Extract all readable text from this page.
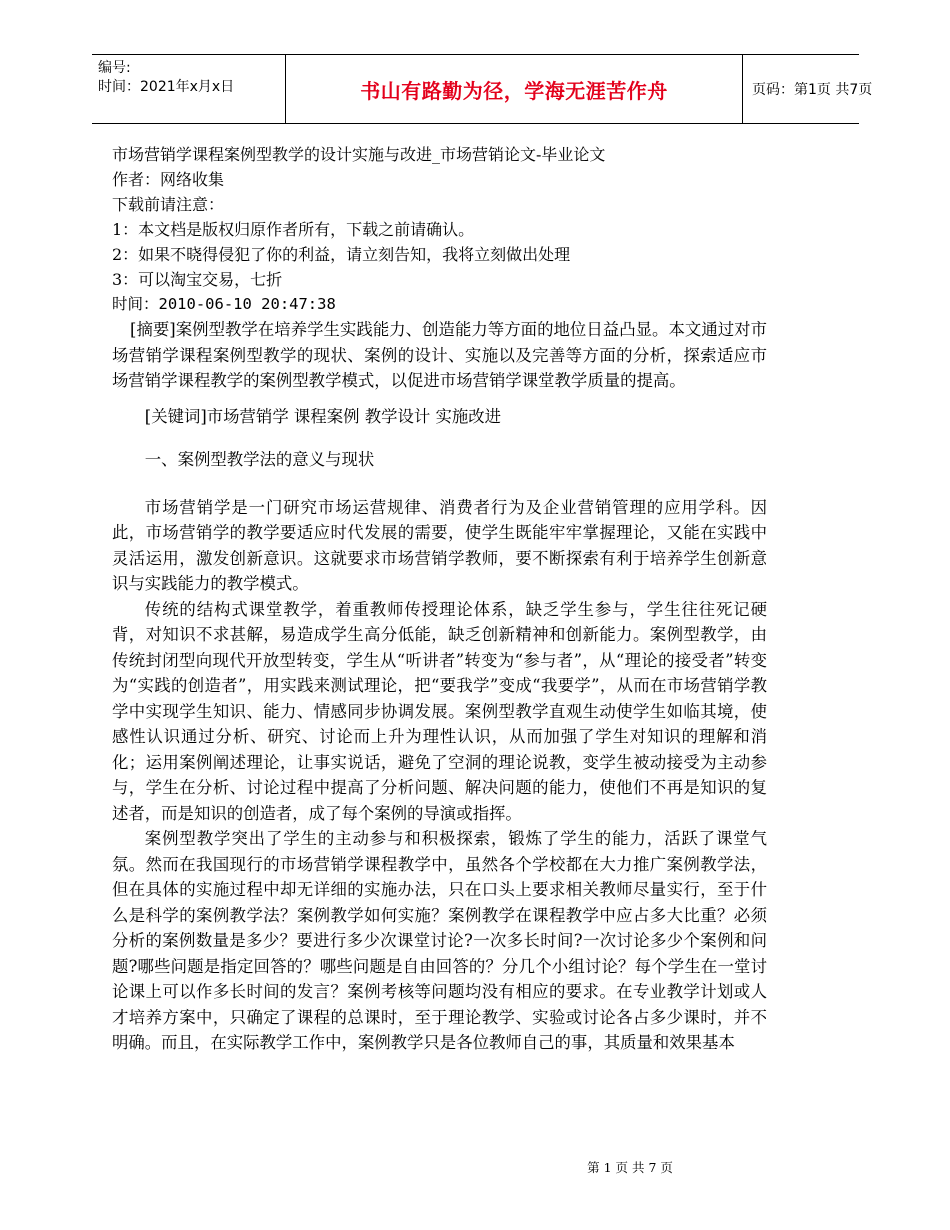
编号:
时间：2021年x月x日	书山有路勤为径，学海无涯苦作舟	页码：第1页 共7页
市场营销学课程案例型教学的设计实施与改进_市场营销论文-毕业论文
作者：网络收集
下载前请注意：
1：本文档是版权归原作者所有，下载之前请确认。
2：如果不晓得侵犯了你的利益，请立刻告知，我将立刻做出处理
3：可以淘宝交易，七折
时间：2010-06-10 20:47:38

[摘要]案例型教学在培养学生实践能力、创造能力等方面的地位日益凸显。本文通过对市场营销学课程案例型教学的现状、案例的设计、实施以及完善等方面的分析，探索适应市场营销学课程教学的案例型教学模式，以促进市场营销学课堂教学质量的提高。

[关键词]市场营销学 课程案例 教学设计 实施改进

一、案例型教学法的意义与现状

市场营销学是一门研究市场运营规律、消费者行为及企业营销管理的应用学科。因此，市场营销学的教学要适应时代发展的需要，使学生既能牢牢掌握理论，又能在实践中灵活运用，激发创新意识。这就要求市场营销学教师，要不断探索有利于培养学生创新意识与实践能力的教学模式。

传统的结构式课堂教学，着重教师传授理论体系，缺乏学生参与，学生往往死记硬背，对知识不求甚解，易造成学生高分低能，缺乏创新精神和创新能力。案例型教学，由传统封闭型向现代开放型转变，学生从“听讲者”转变为“参与者”，从“理论的接受者”转变为“实践的创造者”，用实践来测试理论，把“要我学”变成“我要学”，从而在市场营销学教学中实现学生知识、能力、情感同步协调发展。案例型教学直观生动使学生如临其境，使感性认识通过分析、研究、讨论而上升为理性认识，从而加强了学生对知识的理解和消化；运用案例阐述理论，让事实说话，避免了空洞的理论说教，变学生被动接受为主动参与，学生在分析、讨论过程中提高了分析问题、解决问题的能力，使他们不再是知识的复述者，而是知识的创造者，成了每个案例的导演或指挥。

案例型教学突出了学生的主动参与和积极探索，锻炼了学生的能力，活跃了课堂气氛。然而在我国现行的市场营销学课程教学中，虽然各个学校都在大力推广案例教学法，但在具体的实施过程中却无详细的实施办法，只在口头上要求相关教师尽量实行，至于什么是科学的案例教学法？案例教学如何实施？案例教学在课程教学中应占多大比重？必须分析的案例数量是多少？要进行多少次课堂讨论?一次多长时间?一次讨论多少个案例和问题?哪些问题是指定回答的？哪些问题是自由回答的？分几个小组讨论？每个学生在一堂讨论课上可以作多长时间的发言？案例考核等问题均没有相应的要求。在专业教学计划或人才培养方案中，只确定了课程的总课时，至于理论教学、实验或讨论各占多少课时，并不明确。而且，在实际教学工作中，案例教学只是各位教师自己的事，其质量和效果基本

第 1 页 共 7 页
